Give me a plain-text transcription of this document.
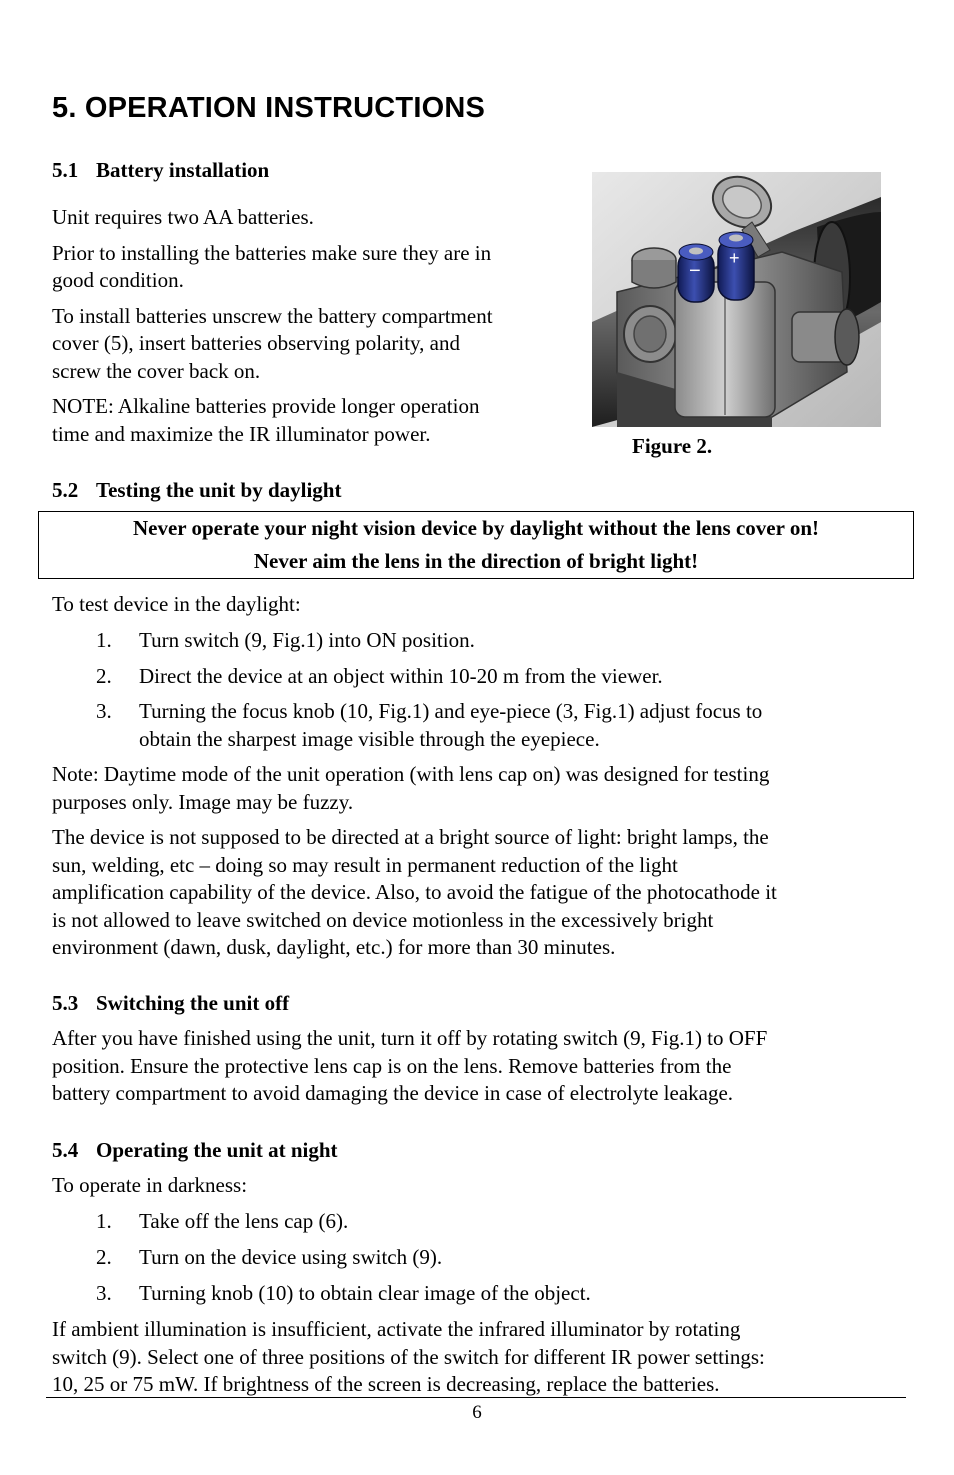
5. OPERATION INSTRUCTIONS
5.1 Battery installation

Unit requires two AA batteries.

Prior to installing the batteries make sure they are in

good condition.

To install batteries unscrew the battery compartment

cover (5), insert batteries observing polarity, and

screw the cover back on.

NOTE: Alkaline batteries provide longer operation

time and maximize the IR illuminator power.

−
+
Figure 2.
5.2 Testing the unit by daylight
Never operate your night vision device by daylight without the lens cover on!
Never aim the lens in the direction of bright light!
To test device in the daylight:
1. Turn switch (9, Fig.1) into ON position.
2. Direct the device at an object within 10-20 m from the viewer.
3. Turning the focus knob (10, Fig.1) and eye-piece (3, Fig.1) adjust focus to
obtain the sharpest image visible through the eyepiece.

Note: Daytime mode of the unit operation (with lens cap on) was designed for testing

purposes only. Image may be fuzzy.

The device is not supposed to be directed at a bright source of light: bright lamps, the

sun, welding, etc – doing so may result in permanent reduction of the light

amplification capability of the device. Also, to avoid the fatigue of the photocathode it

is not allowed to leave switched on device motionless in the excessively bright

environment (dawn, dusk, daylight, etc.) for more than 30 minutes.

5.3 Switching the unit off

After you have finished using the unit, turn it off by rotating switch (9, Fig.1) to OFF

position. Ensure the protective lens cap is on the lens. Remove batteries from the

battery compartment to avoid damaging the device in case of electrolyte leakage.

5.4 Operating the unit at night
To operate in darkness:
1. Take off the lens cap (6).
2. Turn on the device using switch (9).
3. Turning knob (10) to obtain clear image of the object.

If ambient illumination is insufficient, activate the infrared illuminator by rotating

switch (9). Select one of three positions of the switch for different IR power settings:

10, 25 or 75 mW. If brightness of the screen is decreasing, replace the batteries.

6
